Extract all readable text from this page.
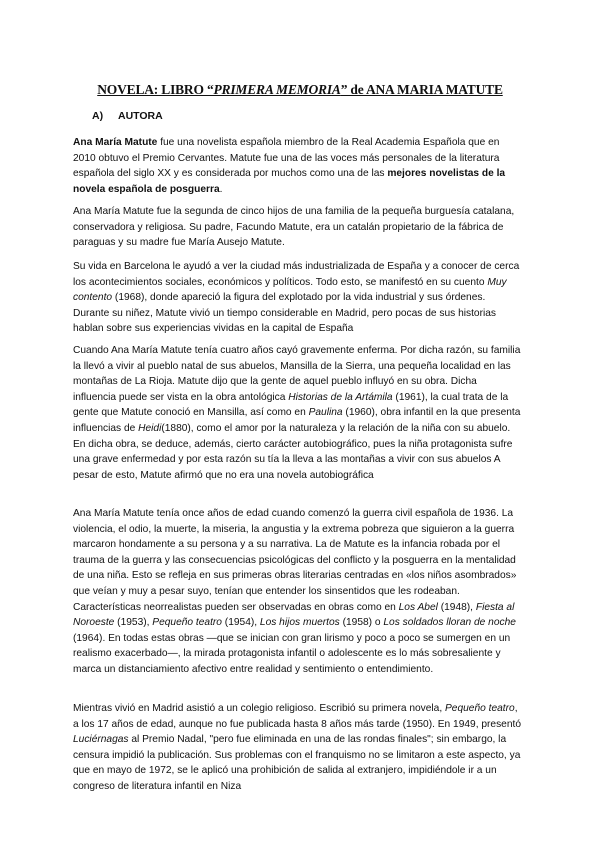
NOVELA: LIBRO “PRIMERA MEMORIA” de ANA MARIA MATUTE
A) AUTORA

Ana María Matute fue una novelista española miembro de la Real Academia Española que en 2010 obtuvo el Premio Cervantes. Matute fue una de las voces más personales de la literatura española del siglo XX y es considerada por muchos como una de las mejores novelistas de la novela española de posguerra.

Ana María Matute fue la segunda de cinco hijos de una familia de la pequeña burguesía catalana, conservadora y religiosa. Su padre, Facundo Matute, era un catalán propietario de la fábrica de paraguas y su madre fue María Ausejo Matute.

Su vida en Barcelona le ayudó a ver la ciudad más industrializada de España y a conocer de cerca los acontecimientos sociales, económicos y políticos. Todo esto, se manifestó en su cuento Muy contento (1968), donde apareció la figura del explotado por la vida industrial y sus órdenes. Durante su niñez, Matute vivió un tiempo considerable en Madrid, pero pocas de sus historias hablan sobre sus experiencias vividas en la capital de España

Cuando Ana María Matute tenía cuatro años cayó gravemente enferma. Por dicha razón, su familia la llevó a vivir al pueblo natal de sus abuelos, Mansilla de la Sierra, una pequeña localidad en las montañas de La Rioja. Matute dijo que la gente de aquel pueblo influyó en su obra. Dicha influencia puede ser vista en la obra antológica Historias de la Artámila (1961), la cual trata de la gente que Matute conoció en Mansilla, así como en Paulina (1960), obra infantil en la que presenta influencias de Heidi(1880), como el amor por la naturaleza y la relación de la niña con su abuelo. En dicha obra, se deduce, además, cierto carácter autobiográfico, pues la niña protagonista sufre una grave enfermedad y por esta razón su tía la lleva a las montañas a vivir con sus abuelos A pesar de esto, Matute afirmó que no era una novela autobiográfica

Ana María Matute tenía once años de edad cuando comenzó la guerra civil española de 1936. La violencia, el odio, la muerte, la miseria, la angustia y la extrema pobreza que siguieron a la guerra marcaron hondamente a su persona y a su narrativa. La de Matute es la infancia robada por el trauma de la guerra y las consecuencias psicológicas del conflicto y la posguerra en la mentalidad de una niña. Esto se refleja en sus primeras obras literarias centradas en «los niños asombrados» que veían y muy a pesar suyo, tenían que entender los sinsentidos que les rodeaban. Características neorrealistas pueden ser observadas en obras como en Los Abel (1948), Fiesta al Noroeste (1953), Pequeño teatro (1954), Los hijos muertos (1958) o Los soldados lloran de noche (1964). En todas estas obras —que se inician con gran lirismo y poco a poco se sumergen en un realismo exacerbado—, la mirada protagonista infantil o adolescente es lo más sobresaliente y marca un distanciamiento afectivo entre realidad y sentimiento o entendimiento.

Mientras vivió en Madrid asistió a un colegio religioso. Escribió su primera novela, Pequeño teatro, a los 17 años de edad, aunque no fue publicada hasta 8 años más tarde (1950). En 1949, presentó Luciérnagas al Premio Nadal, "pero fue eliminada en una de las rondas finales"; sin embargo, la censura impidió la publicación. Sus problemas con el franquismo no se limitaron a este aspecto, ya que en mayo de 1972, se le aplicó una prohibición de salida al extranjero, impidiéndole ir a un congreso de literatura infantil en Niza
